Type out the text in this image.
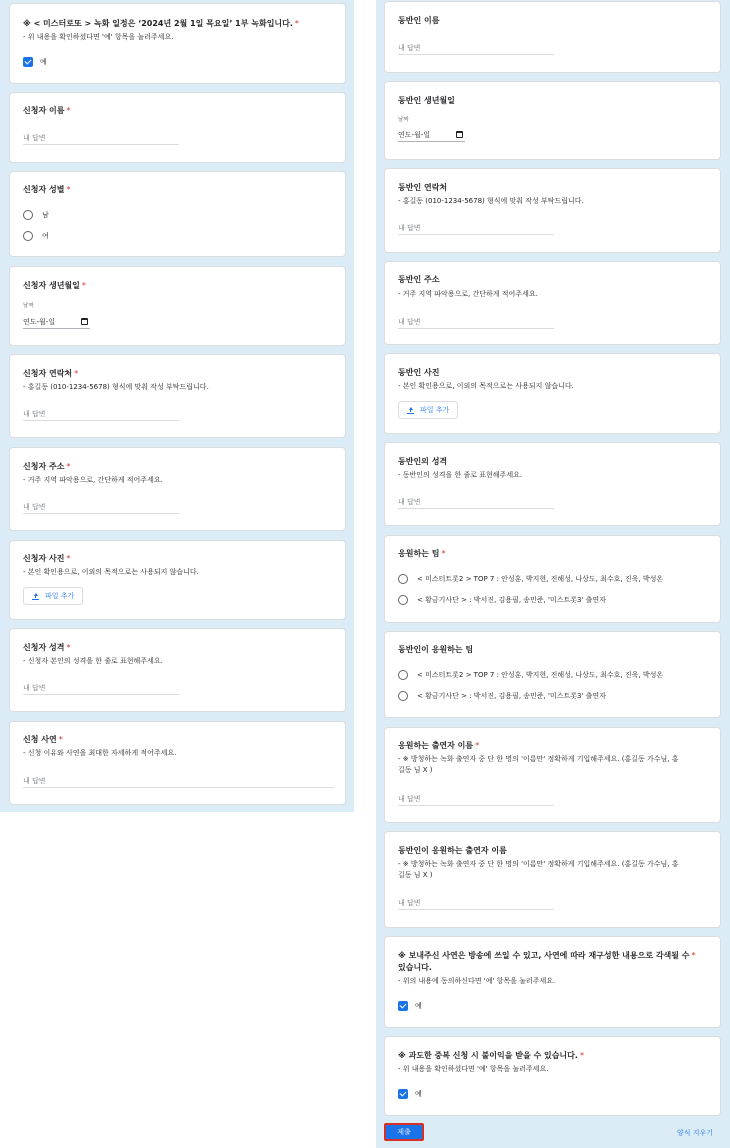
※ < 미스터로또 > 녹화 일정은 ‘2024년 2월 1일 목요일’ 1부 녹화입니다. *
- 위 내용을 확인하셨다면 '예' 항목을 눌러주세요.
예
신청자 이름 *
내 답변
신청자 성별 *
남
여
신청자 생년월일 *
날짜
연도-월-일
신청자 연락처 *
- 홍길동 (010-1234-5678) 형식에 맞춰 작성 부탁드립니다.
내 답변
신청자 주소 *
- 거주 지역 파악용으로, 간단하게 적어주세요.
내 답변
신청자 사진 *
- 본인 확인용으로, 이외의 목적으로는 사용되지 않습니다.
파일 추가
신청자 성격 *
- 신청자 본인의 성격을 한 줄로 표현해주세요.
내 답변
신청 사연 *
- 신청 이유와 사연을 최대한 자세하게 적어주세요.
내 답변
동반인 이름
내 답변
동반인 생년월일
날짜
연도-월-일
동반인 연락처
- 홍길동 (010-1234-5678) 형식에 맞춰 작성 부탁드립니다.
내 답변
동반인 주소
- 거주 지역 파악용으로, 간단하게 적어주세요.
내 답변
동반인 사진
- 본인 확인용으로, 이외의 목적으로는 사용되지 않습니다.
파일 추가
동반인의 성격
- 동반인의 성격을 한 줄로 표현해주세요.
내 답변
응원하는 팀 *
< 미스터트롯2 > TOP 7 : 안성훈, 박지현, 진해성, 나상도, 최수호, 진욱, 박성온
< 황금기사단 > : 박서진, 김용필, 송민준, '미스트롯3' 출연자
동반인이 응원하는 팀
< 미스터트롯2 > TOP 7 : 안성훈, 박지현, 진해성, 나상도, 최수호, 진욱, 박성온
< 황금기사단 > : 박서진, 김용필, 송민준, '미스트롯3' 출연자
응원하는 출연자 이름 *
- ※ 방청하는 녹화 출연자 중 단 한 명의 '이름만' 정확하게 기입해주세요. (홍길동 가수님, 홍
길동 님 X )
내 답변
동반인이 응원하는 출연자 이름
- ※ 방청하는 녹화 출연자 중 단 한 명의 '이름만' 정확하게 기입해주세요. (홍길동 가수님, 홍
길동 님 X )
내 답변
※ 보내주신 사연은 방송에 쓰일 수 있고, 사연에 따라 재구성한 내용으로 각색될 수 *
있습니다.
- 위의 내용에 동의하신다면 '예' 항목을 눌러주세요.
예
※ 과도한 중복 신청 시 불이익을 받을 수 있습니다. *
- 위 내용을 확인하셨다면 '예' 항목을 눌러주세요.
예
제출	양식 지우기
